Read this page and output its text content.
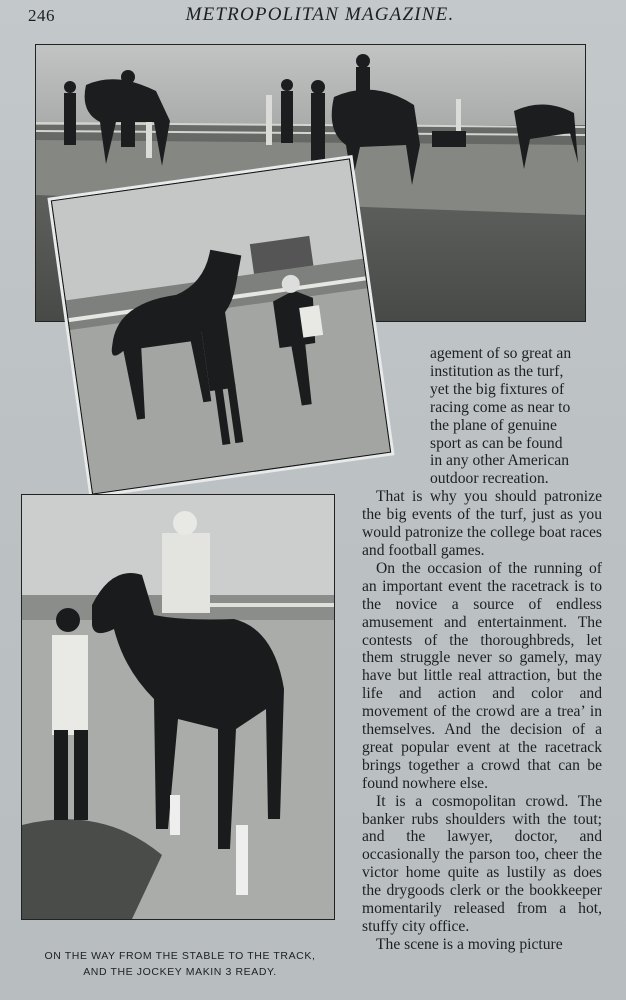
246	METROPOLITAN MAGAZINE.
ON THE WAY FROM THE STABLE TO THE TRACK,
AND THE JOCKEY MAKIN 3 READY.
agement of so great an
institution as the turf,
yet the big fixtures of
racing come as near to
the plane of genuine
sport as can be found
in any other American
outdoor recreation.

That is why you should patronize the big events of the turf, just as you would patronize the college boat races and football games.

On the occasion of the running of an important event the racetrack is to the novice a source of endless amusement and entertainment. The contests of the thoroughbreds, let them struggle never so gamely, may have but little real attraction, but the life and action and color and movement of the crowd are a trea’ in themselves. And the decision of a great popular event at the racetrack brings together a crowd that can be found nowhere else.

It is a cosmopolitan crowd. The banker rubs shoulders with the tout; and the lawyer, doctor, and occasionally the parson too, cheer the victor home quite as lustily as does the drygoods clerk or the bookkeeper momentarily released from a hot, stuffy city office.

The scene is a moving picture
